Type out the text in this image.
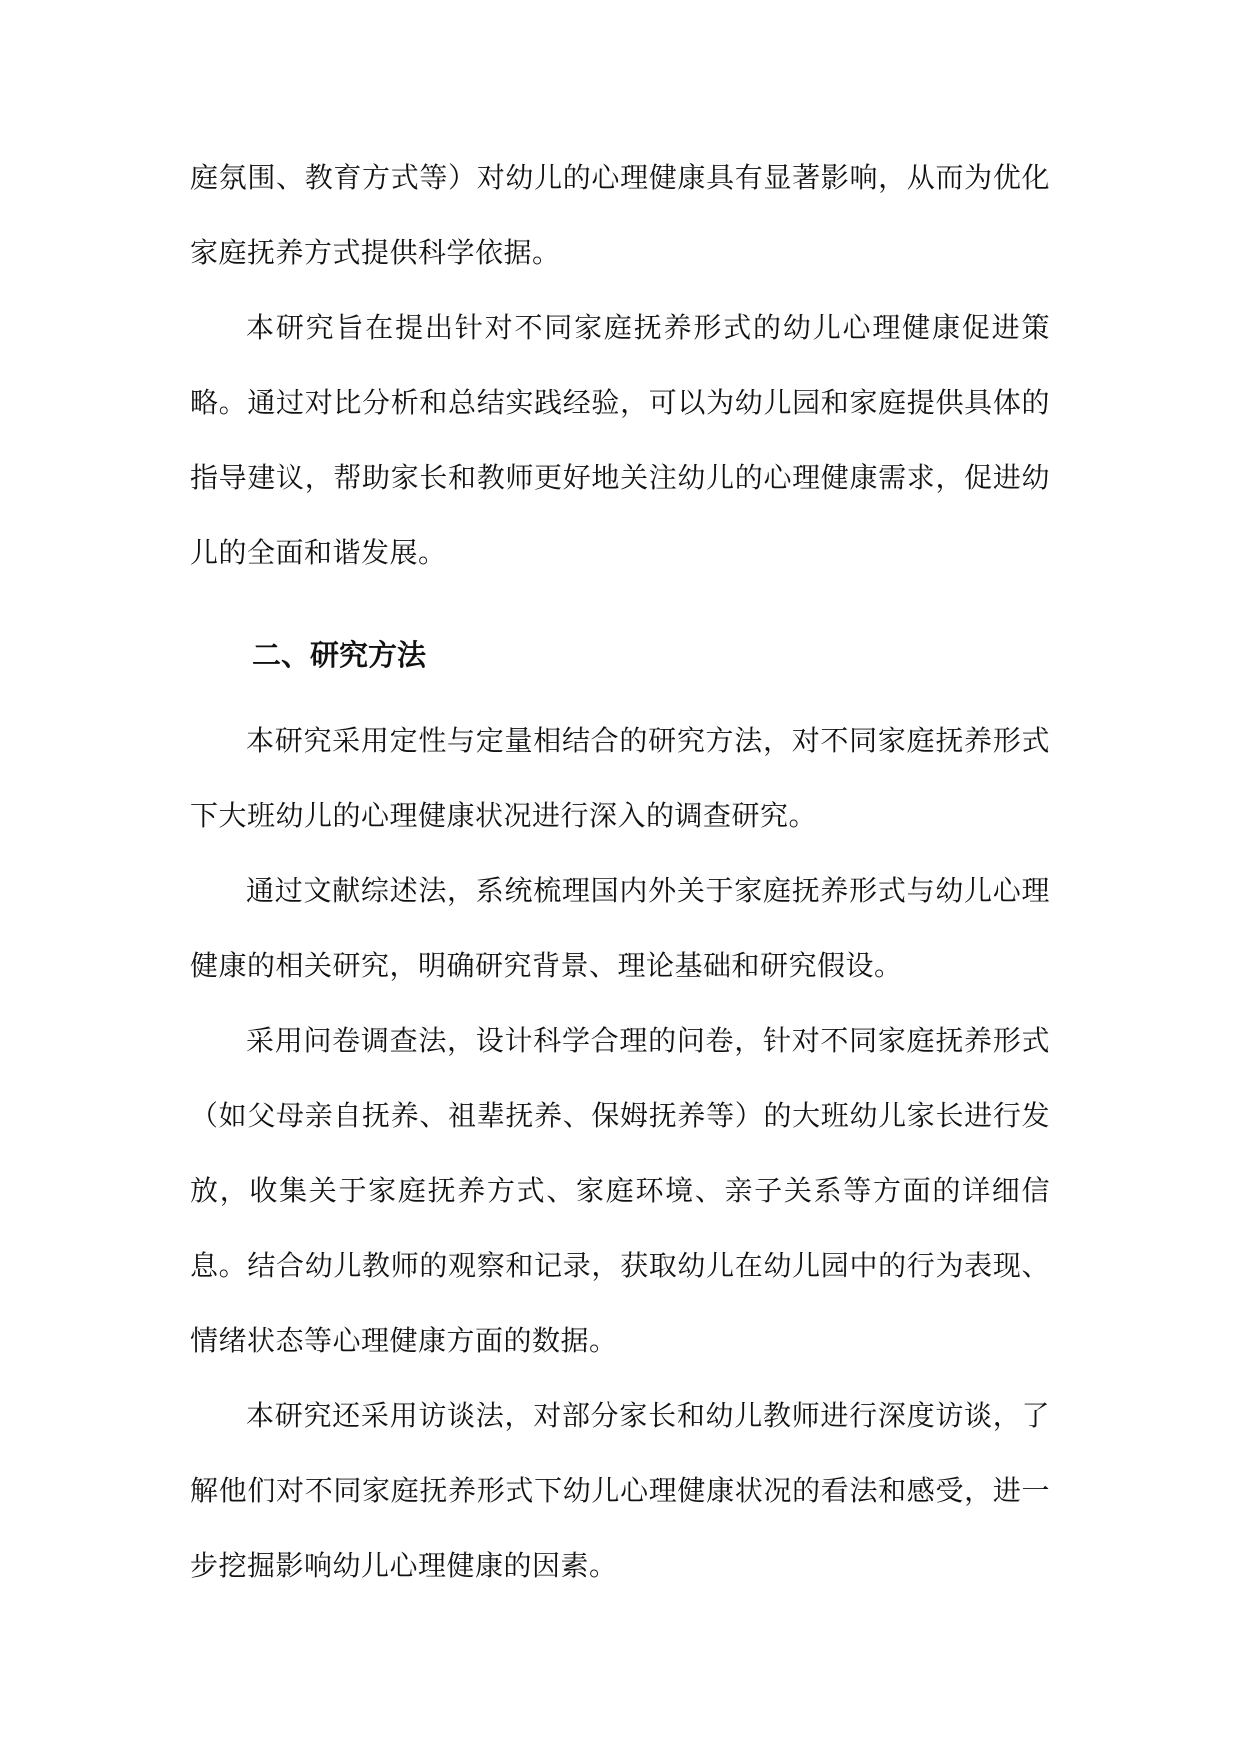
庭氛围、教育方式等）对幼儿的心理健康具有显著影响，从而为优化家庭抚养方式提供科学依据。

本研究旨在提出针对不同家庭抚养形式的幼儿心理健康促进策略。通过对比分析和总结实践经验，可以为幼儿园和家庭提供具体的指导建议，帮助家长和教师更好地关注幼儿的心理健康需求，促进幼儿的全面和谐发展。

二、研究方法

本研究采用定性与定量相结合的研究方法，对不同家庭抚养形式下大班幼儿的心理健康状况进行深入的调查研究。

通过文献综述法，系统梳理国内外关于家庭抚养形式与幼儿心理健康的相关研究，明确研究背景、理论基础和研究假设。

采用问卷调查法，设计科学合理的问卷，针对不同家庭抚养形式（如父母亲自抚养、祖辈抚养、保姆抚养等）的大班幼儿家长进行发放，收集关于家庭抚养方式、家庭环境、亲子关系等方面的详细信息。结合幼儿教师的观察和记录，获取幼儿在幼儿园中的行为表现、情绪状态等心理健康方面的数据。

本研究还采用访谈法，对部分家长和幼儿教师进行深度访谈，了解他们对不同家庭抚养形式下幼儿心理健康状况的看法和感受，进一步挖掘影响幼儿心理健康的因素。
